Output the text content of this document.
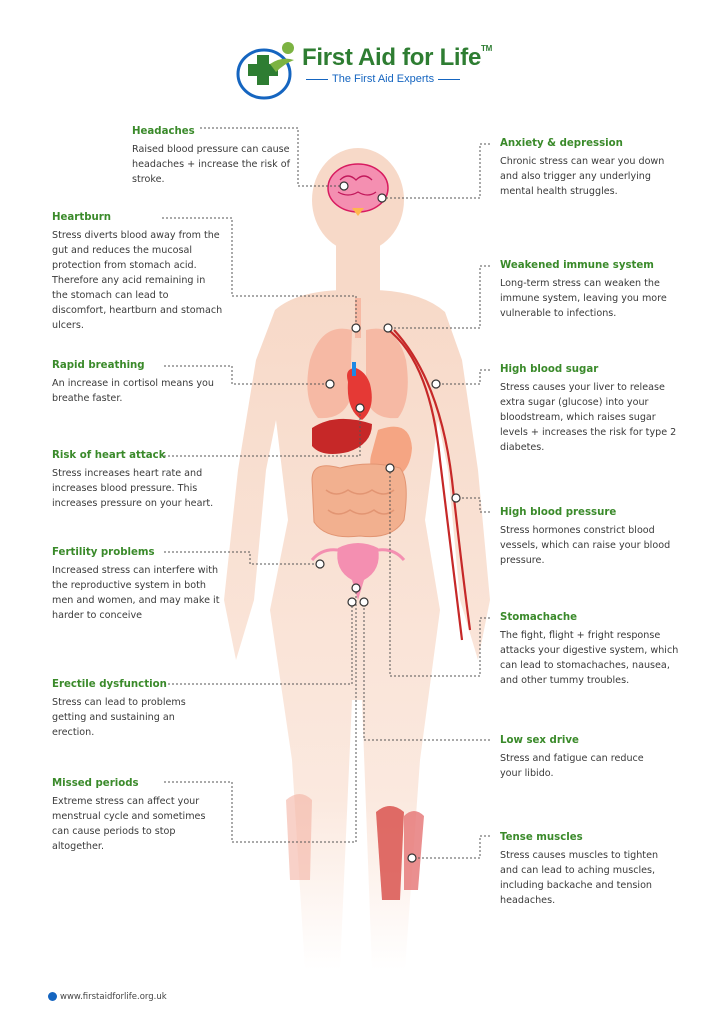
First Aid for Life™
The First Aid Experts
Headaches
Raised blood pressure can cause headaches + increase the risk of stroke.
Anxiety & depression
Chronic stress can wear you down and also trigger any underlying mental health struggles.
Heartburn
Stress diverts blood away from the gut and reduces the mucosal protection from stomach acid. Therefore any acid remaining in the stomach can lead to discomfort, heartburn and stomach ulcers.
Weakened immune system
Long-term stress can weaken the immune system, leaving you more vulnerable to infections.
Rapid breathing
An increase in cortisol means you breathe faster.
High blood sugar
Stress causes your liver to release extra sugar (glucose) into your bloodstream, which raises sugar levels + increases the risk for type 2 diabetes.
Risk of heart attack
Stress increases heart rate and increases blood pressure. This increases pressure on your heart.
High blood pressure
Stress hormones constrict blood vessels, which can raise your blood pressure.
Fertility problems
Increased stress can interfere with the reproductive system in both men and women, and may make it harder to conceive	Stomachache
The fight, flight + fright response attacks your digestive system, which can lead to stomachaches, nausea, and other tummy troubles.
Erectile dysfunction
Stress can lead to problems getting and sustaining an erection.
Low sex drive
Stress and fatigue can reduce your libido.
Missed periods
Extreme stress can affect your menstrual cycle and sometimes can cause periods to stop altogether.
Tense muscles
Stress causes muscles to tighten and can lead to aching muscles, including backache and tension headaches.
www.firstaidforlife.org.uk
